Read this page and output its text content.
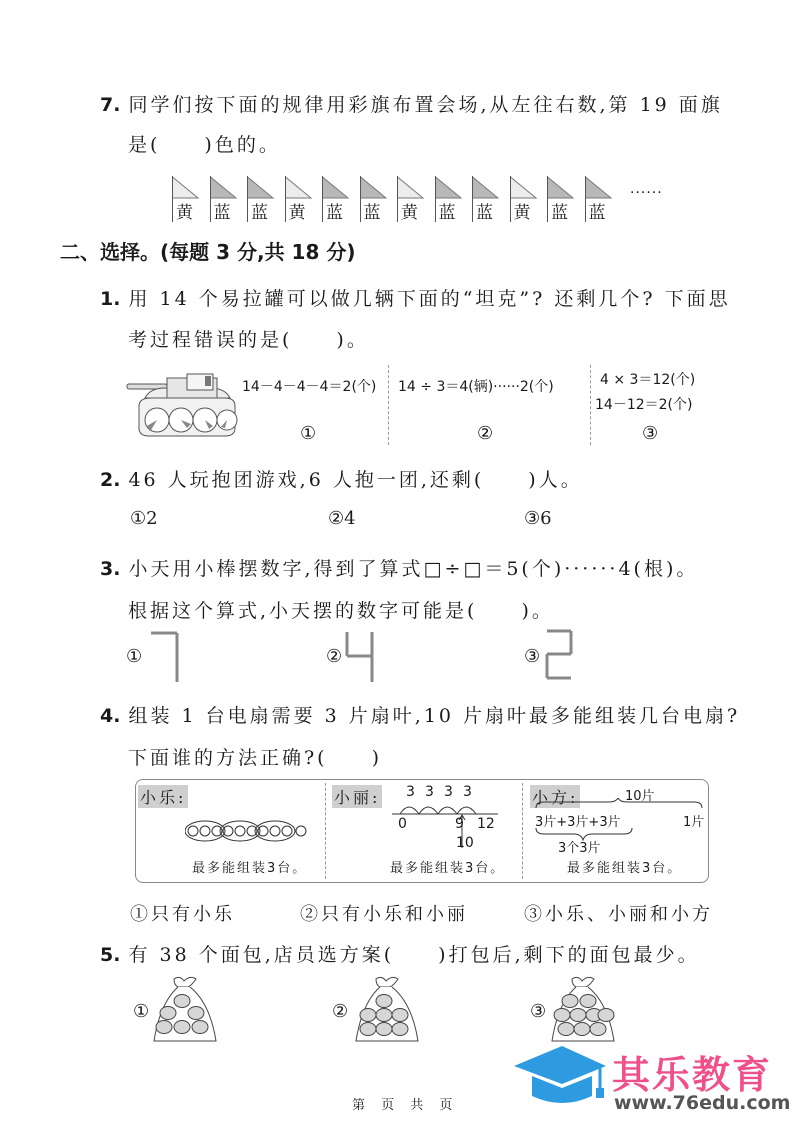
7. 同学们按下面的规律用彩旗布置会场,从左往右数,第 19 面旗
是(　　)色的。
黄 蓝 蓝 黄 蓝 蓝 黄 蓝 蓝 黄 蓝 蓝
······
二、选择。(每题 3 分,共 18 分)
1. 用 14 个易拉罐可以做几辆下面的“坦克”? 还剩几个? 下面思
考过程错误的是(　　)。
14－4－4－4＝2(个)
①
14 ÷ 3＝4(辆)······2(个)
②
4 × 3＝12(个)
14－12＝2(个)
③
2. 46 人玩抱团游戏,6 人抱一团,还剩(　　)人。
①2	②4	③6
3. 小天用小棒摆数字,得到了算式□÷□＝5(个)······4(根)。
根据这个算式,小天摆的数字可能是(　　)。
①	②	③
4. 组装 1 台电扇需要 3 片扇叶,10 片扇叶最多能组装几台电扇?
下面谁的方法正确?(　　)
小乐:
最多能组装3台。
小丽: 3 3 3 3
0	9 12
10
最多能组装3台。
小方:	10片
3片+3片+3片	1片
3个3片
最多能组装3台。
①只有小乐	②只有小乐和小丽	③小乐、小丽和小方
5. 有 38 个面包,店员选方案(　　)打包后,剩下的面包最少。
①	②	③
其乐教育
www.76edu.com
第 页 共 页
